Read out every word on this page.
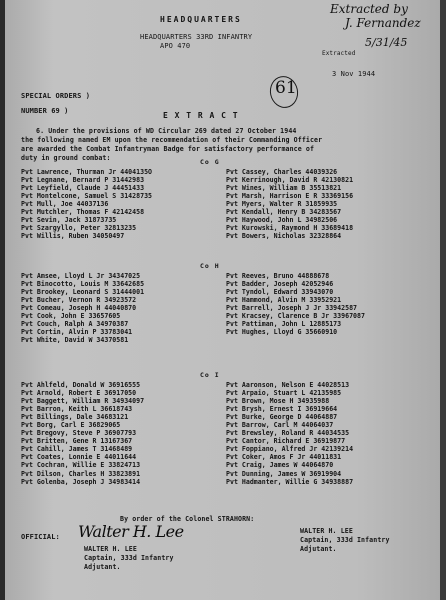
Extracted by
J. Fernandez
5/31/45
HEADQUARTERS
HEADQUARTERS 33RD INFANTRY
APO 470
Extracted
3 Nov 1944
61
SPECIAL ORDERS )
NUMBER 69 )	E X T R A C T
6. Under the provisions of WD Circular 269 dated 27 October 1944
the following named EM upon the recommendation of their Commanding Officer
are awarded the Combat Infantryman Badge for satisfactory performance of
duty in ground combat:	Co G
Pvt Lawrence, Thurman Jr 4404135O
Pvt Legnane, Bernard P 31442983
Pvt Leyfield, Claude J 44451433
Pvt Montelcone, Samuel S 31428735
Pvt Mull, Joe 44037136
Pvt Mutchler, Thomas F 42142458
Pvt Sevin, Jack 31873735
Pvt Szargyllo, Peter 32813235
Pvt Willis, Ruben 34050497
Pvt Cassey, Charles 44039326
Pvt Kerrinough, David R 42130821
Pvt Wines, William B 35513821
Pvt Marsh, Harrison E R 33369156
Pvt Myers, Walter R 31859935
Pvt Kendall, Henry B 34283567
Pvt Haywood, John L 34982506
Pvt Kurowski, Raymond H 33689418
Pvt Bowers, Nicholas 32328864
Co H
Pvt Amsee, Lloyd L Jr 34347025
Pvt Binocotto, Louis M 33642685
Pvt Brookey, Leonard S 31444001
Pvt Bucher, Vernon R 34923572
Pvt Comeau, Joseph H 44040870
Pvt Cook, John E 33657605
Pvt Couch, Ralph A 34970387
Pvt Cortin, Alvin P 33783041
Pvt White, David W 34370581
Pvt Reeves, Bruno 44888678
Pvt Badder, Joseph 42052946
Pvt Tyndol, Edward 33943070
Pvt Hammond, Alvin M 33952921
Pvt Barrell, Joseph J Jr 33942587
Pvt Kracsey, Clarence B Jr 33967087
Pvt Pattiman, John L 12885173
Pvt Hughes, Lloyd G 35660910
Co I
Pvt Ahlfeld, Donald W 36916555
Pvt Arnold, Robert E 36917050
Pvt Baggett, William R 34934097
Pvt Barron, Keith L 36618743
Pvt Billings, Dale 34683121
Pvt Borg, Carl E 36829065
Pvt Bregovy, Steve P 36907793
Pvt Britten, Gene R 13167367
Pvt Cahill, James T 31468489
Pvt Coates, Lonnie E 44011644
Pvt Cochran, Willie E 33824713
Pvt Dilson, Charles H 33823891
Pvt Golenba, Joseph J 34983414
Pvt Aaronson, Nelson E 44028513
Pvt Arpaio, Stuart L 42135985
Pvt Brown, Mose H 34935988
Pvt Brysh, Ernest I 36919664
Pvt Burke, George D 44064887
Pvt Barrow, Carl M 44064037
Pvt Brewsley, Roland R 44034535
Pvt Cantor, Richard E 36919877
Pvt Foppiano, Alfred Jr 42139214
Pvt Coker, Amos F Jr 44011831
Pvt Craig, James W 44064870
Pvt Dunning, James W 36919904
Pvt Hadmanter, Willie G 34938887
By order of the Colonel STRAHORN:
OFFICIAL: Walter H. Lee
WALTER H. LEE
Captain, 333d Infantry
Adjutant.
WALTER H. LEE
Captain, 333d Infantry
Adjutant.
